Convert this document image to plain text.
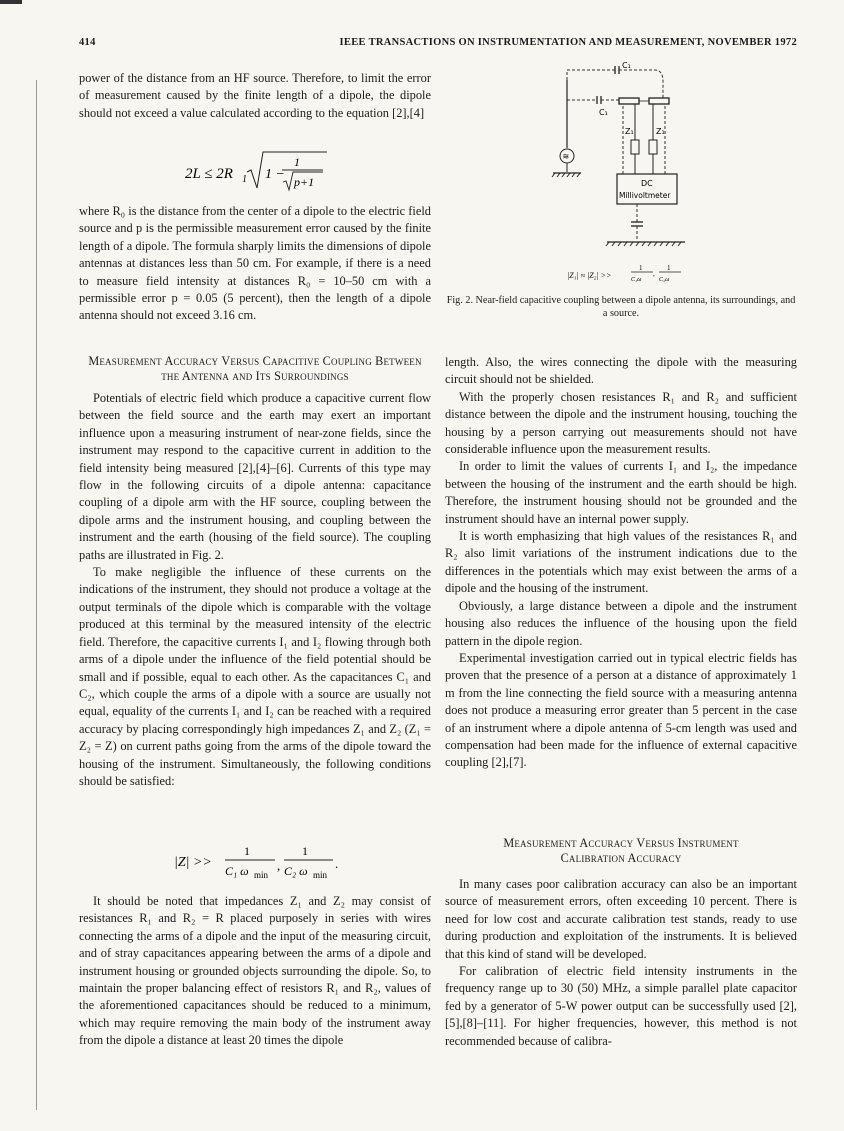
414	IEEE TRANSACTIONS ON INSTRUMENTATION AND MEASUREMENT, NOVEMBER 1972

power of the distance from an HF source. Therefore, to limit the error of measurement caused by the finite length of a dipole, the dipole should not exceed a value calculated according to the equation [2],[4]

2L ≤ 2R 1 1 −
1
p+1

where R₀ is the distance from the center of a dipole to the electric field source and p is the permissible measurement error caused by the finite length of a dipole. The formula sharply limits the dimensions of dipole antennas at distances less than 50 cm. For example, if there is a need to measure field intensity at distances R₀ = 10–50 cm with a permissible error p = 0.05 (5 percent), then the length of a dipole antenna should not exceed 3.16 cm.

Measurement Accuracy Versus Capacitive Coupling Between the Antenna and Its Surroundings

Potentials of electric field which produce a capacitive current flow between the field source and the earth may exert an important influence upon a measuring instrument of near-zone fields, since the instrument may respond to the capacitive current in addition to the field intensity being measured [2],[4]–[6]. Currents of this type may flow in the following circuits of a dipole antenna: capacitance coupling of a dipole arm with the HF source, coupling between the dipole arms and the instrument housing, and coupling between the instrument and the earth (housing of the field source). The coupling paths are illustrated in Fig. 2.

To make negligible the influence of these currents on the indications of the instrument, they should not produce a voltage at the output terminals of the dipole which is comparable with the voltage produced at this terminal by the measured intensity of the electric field. Therefore, the capacitive currents I₁ and I₂ flowing through both arms of a dipole under the influence of the field potential should be small and if possible, equal to each other. As the capacitances C₁ and C₂, which couple the arms of a dipole with a source are usually not equal, equality of the currents I₁ and I₂ can be reached with a required accuracy by placing correspondingly high impedances Z₁ and Z₂ (Z₁ = Z₂ = Z) on current paths going from the arms of the dipole toward the housing of the instrument. Simultaneously, the following conditions should be satisfied:

|Z| >>
1
C₁ ω min
,
1
C₂ ω min
.

It should be noted that impedances Z₁ and Z₂ may consist of resistances R₁ and R₂ = R placed purposely in series with wires connecting the arms of a dipole and the input of the measuring circuit, and of stray capacitances appearing between the arms of a dipole and instrument housing or grounded objects surrounding the dipole. So, to maintain the proper balancing effect of resistors R₁ and R₂, values of the aforementioned capacitances should be reduced to a minimum, which may require removing the main body of the instrument away from the dipole a distance at least 20 times the dipole

C₁
C₁
≋
Z₁	Z₁
DC
Millivoltmeter
|Z₁| ≈ |Z₂| >>
1
C₁ω
,
1
C₂ω
Fig. 2. Near-field capacitive coupling between a dipole antenna, its surroundings, and a source.

length. Also, the wires connecting the dipole with the measuring circuit should not be shielded.

With the properly chosen resistances R₁ and R₂ and sufficient distance between the dipole and the instrument housing, touching the housing by a person carrying out measurements should not have considerable influence upon the measurement results.

In order to limit the values of currents I₁ and I₂, the impedance between the housing of the instrument and the earth should be high. Therefore, the instrument housing should not be grounded and the instrument should have an internal power supply.

It is worth emphasizing that high values of the resistances R₁ and R₂ also limit variations of the instrument indications due to the differences in the potentials which may exist between the arms of a dipole and the housing of the instrument.

Obviously, a large distance between a dipole and the instrument housing also reduces the influence of the housing upon the field pattern in the dipole region.

Experimental investigation carried out in typical electric fields has proven that the presence of a person at a distance of approximately 1 m from the line connecting the field source with a measuring antenna does not produce a measuring error greater than 5 percent in the case of an instrument where a dipole antenna of 5-cm length was used and compensation had been made for the influence of external capacitive coupling [2],[7].

Measurement Accuracy Versus Instrument Calibration Accuracy

In many cases poor calibration accuracy can also be an important source of measurement errors, often exceeding 10 percent. There is need for low cost and accurate calibration test stands, ready to use during production and exploitation of the instruments. It is believed that this kind of stand will be developed.

For calibration of electric field intensity instruments in the frequency range up to 30 (50) MHz, a simple parallel plate capacitor fed by a generator of 5-W power output can be successfully used [2],[5],[8]–[11]. For higher frequencies, however, this method is not recommended because of calibra-
